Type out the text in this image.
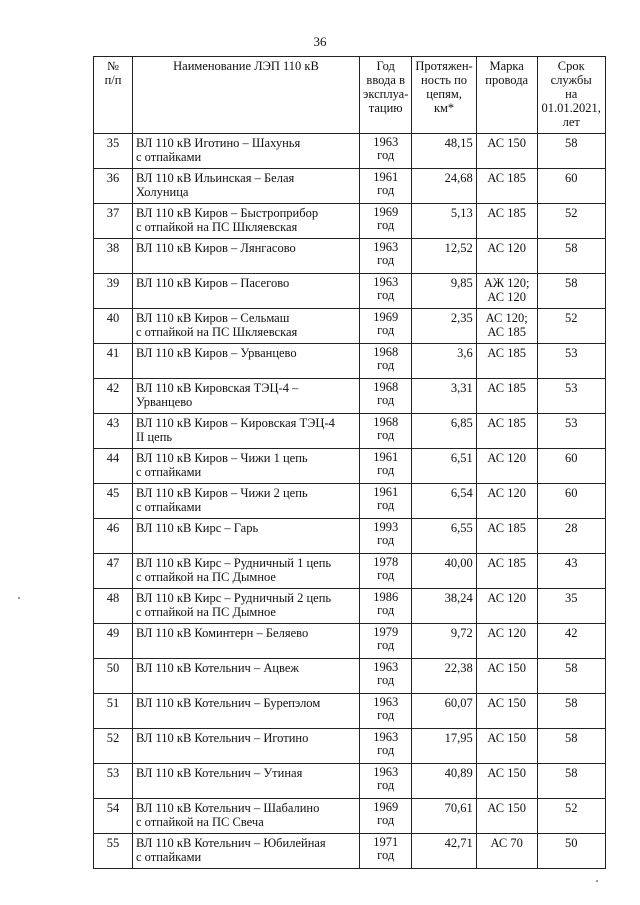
36
№
п/п	Наименование ЛЭП 110 кВ	Год
ввода в
эксплуа-
тацию	Протяжен-
ность по
цепям,
км*	Марка
провода	Срок
службы
на
01.01.2021,
лет

35	ВЛ 110 кВ Иготино – Шахунья
с отпайками	1963
год	48,15	АС 150	58
36	ВЛ 110 кВ Ильинская – Белая
Холуница	1961
год	24,68	АС 185	60
37	ВЛ 110 кВ Киров – Быстроприбор
с отпайкой на ПС Шкляевская	1969
год	5,13	АС 185	52
38	ВЛ 110 кВ Киров – Лянгасово	1963
год	12,52	АС 120	58
39	ВЛ 110 кВ Киров – Пасегово	1963
год	9,85	АЖ 120;
АС 120	58
40	ВЛ 110 кВ Киров – Сельмаш
с отпайкой на ПС Шкляевская	1969
год	2,35	АС 120;
АС 185	52
41	ВЛ 110 кВ Киров – Урванцево	1968
год	3,6	АС 185	53
42	ВЛ 110 кВ Кировская ТЭЦ-4 –
Урванцево	1968
год	3,31	АС 185	53
43	ВЛ 110 кВ Киров – Кировская ТЭЦ-4
II цепь	1968
год	6,85	АС 185	53
44	ВЛ 110 кВ Киров – Чижи 1 цепь
с отпайками	1961
год	6,51	АС 120	60
45	ВЛ 110 кВ Киров – Чижи 2 цепь
с отпайками	1961
год	6,54	АС 120	60
46	ВЛ 110 кВ Кирс – Гарь	1993
год	6,55	АС 185	28
47	ВЛ 110 кВ Кирс – Рудничный 1 цепь
с отпайкой на ПС Дымное	1978
год	40,00	АС 185	43
48	ВЛ 110 кВ Кирс – Рудничный 2 цепь
с отпайкой на ПС Дымное	1986
год	38,24	АС 120	35
49	ВЛ 110 кВ Коминтерн – Беляево	1979
год	9,72	АС 120	42
50	ВЛ 110 кВ Котельнич – Ацвеж	1963
год	22,38	АС 150	58
51	ВЛ 110 кВ Котельнич – Бурепэлом	1963
год	60,07	АС 150	58
52	ВЛ 110 кВ Котельнич – Иготино	1963
год	17,95	АС 150	58
53	ВЛ 110 кВ Котельнич – Утиная	1963
год	40,89	АС 150	58
54	ВЛ 110 кВ Котельнич – Шабалино
с отпайкой на ПС Свеча	1969
год	70,61	АС 150	52
55	ВЛ 110 кВ Котельнич – Юбилейная
с отпайками	1971
год	42,71	АС 70	50
